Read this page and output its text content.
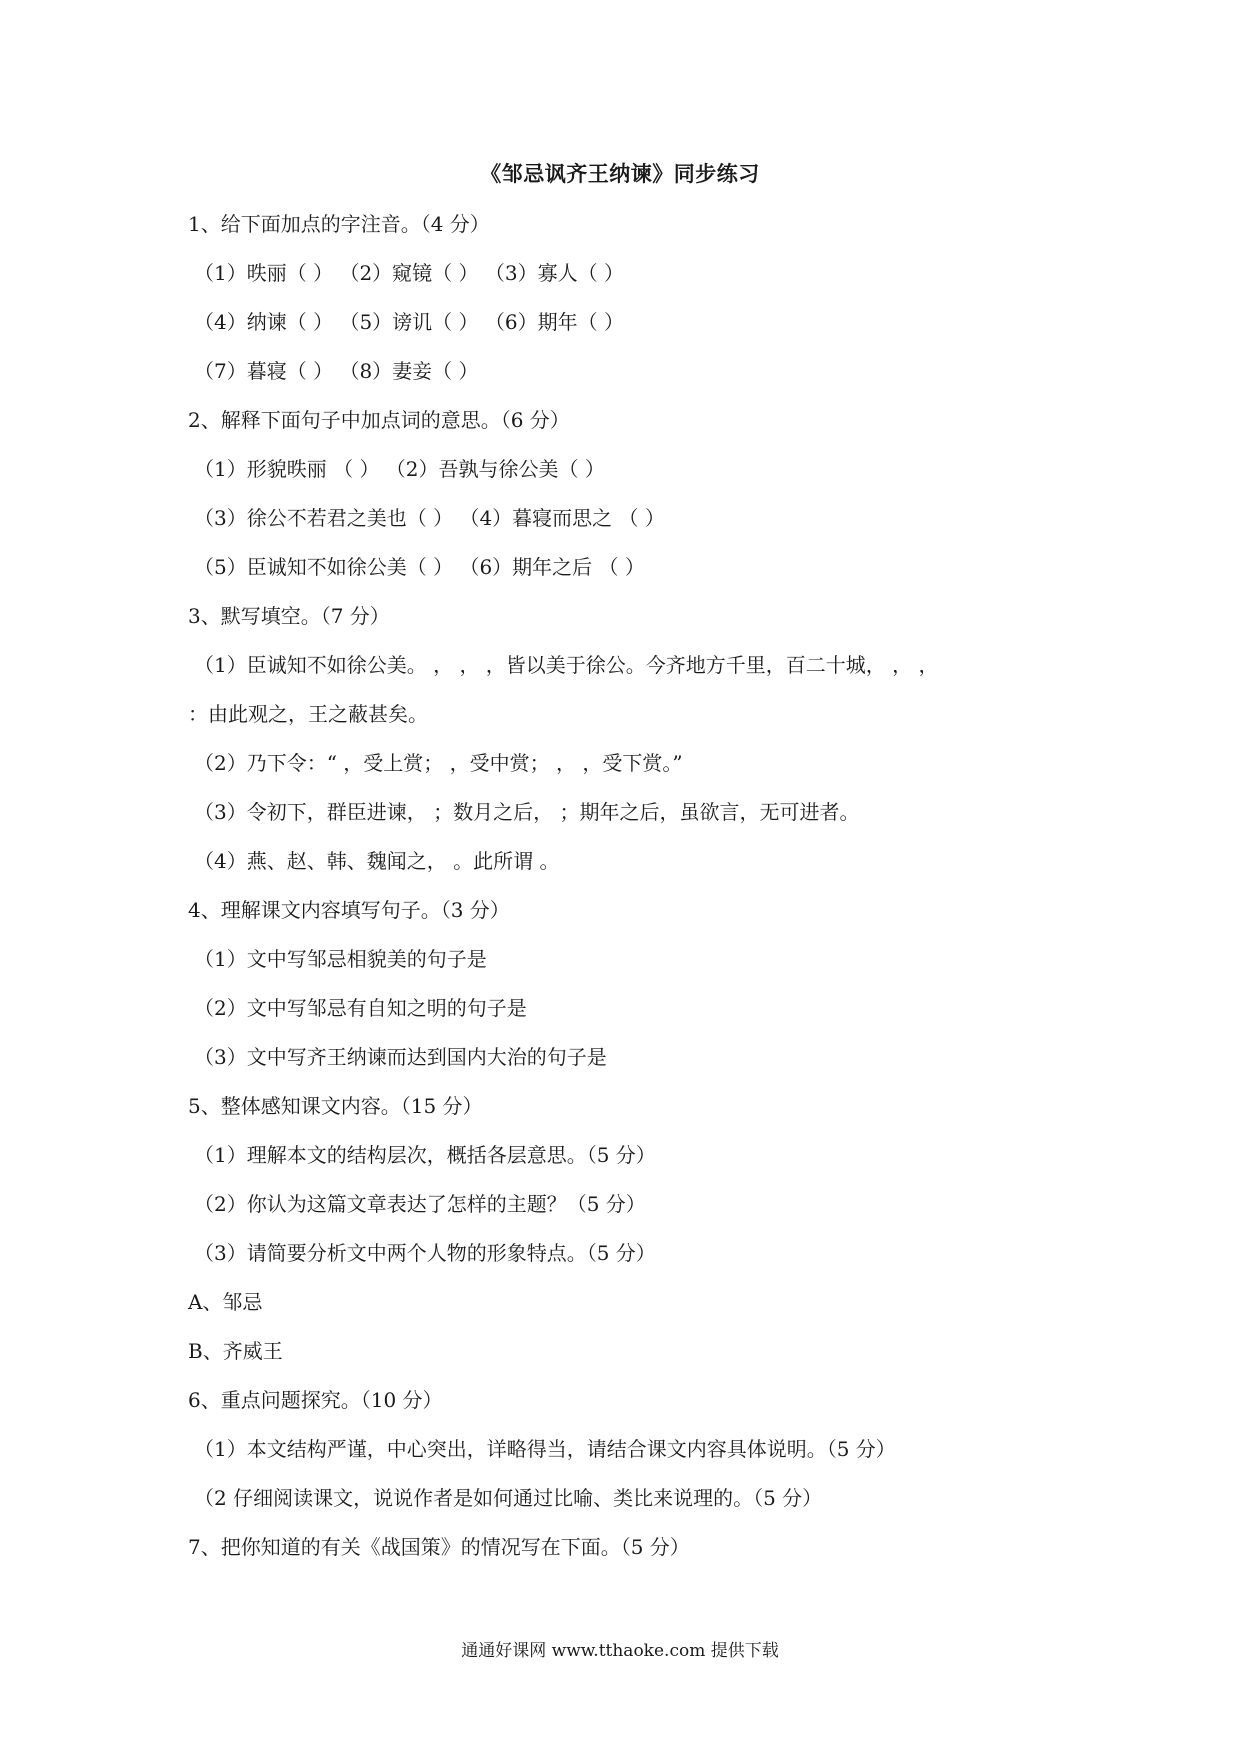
《邹忌讽齐王纳谏》同步练习
1、给下面加点的字注音。（4 分）
（1）昳丽（ ） （2）窥镜（ ） （3）寡人（ ）
（4）纳谏（ ） （5）谤讥（ ） （6）期年（ ）
（7）暮寝（ ） （8）妻妾（ ）
2、解释下面句子中加点词的意思。（6 分）
（1）形貌昳丽 （ ） （2）吾孰与徐公美（ ）
（3）徐公不若君之美也（ ） （4）暮寝而思之 （ ）
（5）臣诚知不如徐公美（ ） （6）期年之后 （ ）
3、默写填空。（7 分）
（1）臣诚知不如徐公美。 ， ， ，皆以美于徐公。今齐地方千里，百二十城， ， ，
：由此观之，王之蔽甚矣。
（2）乃下令：“ ，受上赏； ，受中赏； ， ，受下赏。”
（3）令初下，群臣进谏， ；数月之后， ；期年之后，虽欲言，无可进者。
（4）燕、赵、韩、魏闻之， 。此所谓 。
4、理解课文内容填写句子。（3 分）
（1）文中写邹忌相貌美的句子是
（2）文中写邹忌有自知之明的句子是
（3）文中写齐王纳谏而达到国内大治的句子是
5、整体感知课文内容。（15 分）
（1）理解本文的结构层次，概括各层意思。（5 分）
（2）你认为这篇文章表达了怎样的主题？（5 分）
（3）请简要分析文中两个人物的形象特点。（5 分）
A、邹忌
B、齐威王
6、重点问题探究。（10 分）
（1）本文结构严谨，中心突出，详略得当，请结合课文内容具体说明。（5 分）
（2 仔细阅读课文，说说作者是如何通过比喻、类比来说理的。（5 分）
7、把你知道的有关《战国策》的情况写在下面。（5 分）
通通好课网 www.tthaoke.com 提供下载
